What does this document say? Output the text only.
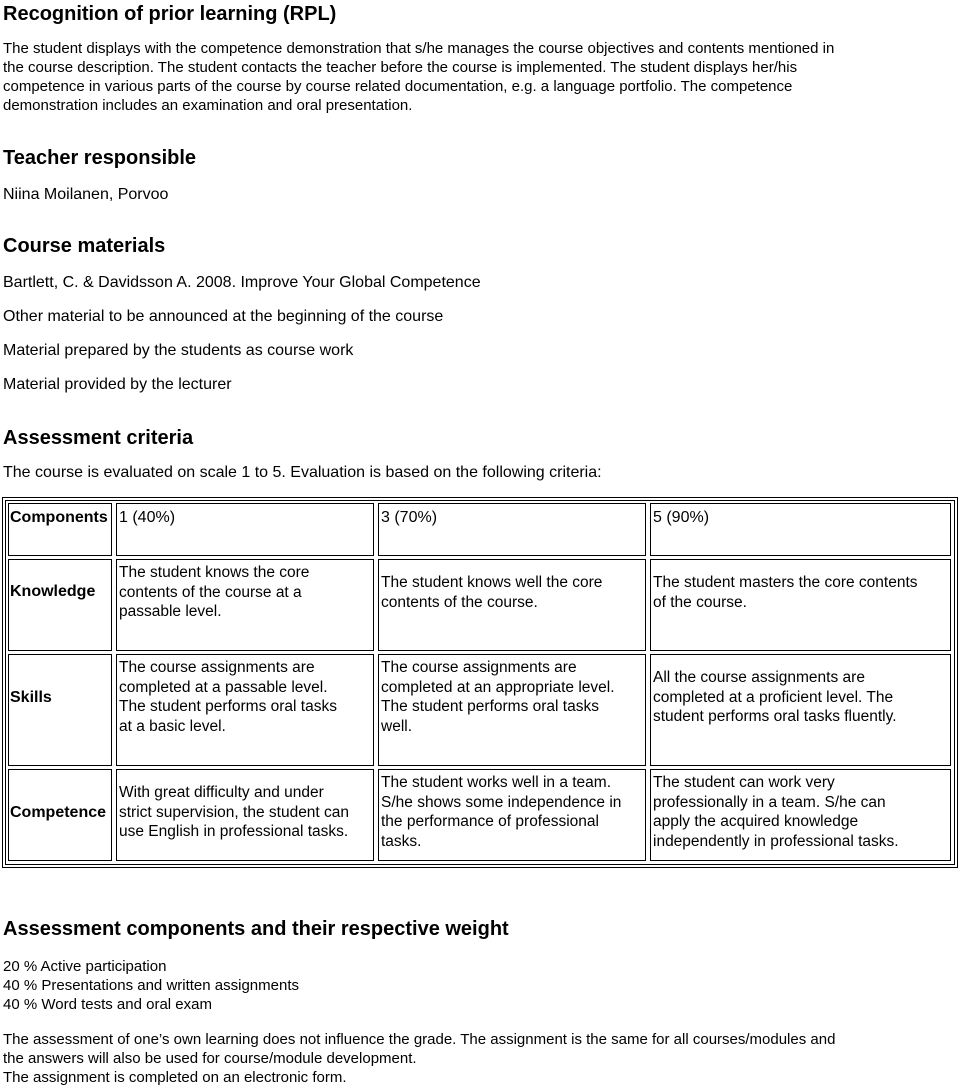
Recognition of prior learning (RPL)
The student displays with the competence demonstration that s/he manages the course objectives and contents mentioned in
the course description. The student contacts the teacher before the course is implemented. The student displays her/his
competence in various parts of the course by course related documentation, e.g. a language portfolio. The competence
demonstration includes an examination and oral presentation.
Teacher responsible
Niina Moilanen, Porvoo
Course materials
Bartlett, C. & Davidsson A. 2008. Improve Your Global Competence
Other material to be announced at the beginning of the course
Material prepared by the students as course work
Material provided by the lecturer
Assessment criteria
The course is evaluated on scale 1 to 5. Evaluation is based on the following criteria:
Components 1 (40%)	3 (70%)	5 (90%)
Knowledge
The student knows the core
contents of the course at a
passable level.
The student knows well the core
contents of the course.
The student masters the core contents
of the course.
Skills
The course assignments are
completed at a passable level.
The student performs oral tasks
at a basic level.
The course assignments are
completed at an appropriate level.
The student performs oral tasks
well.
All the course assignments are
completed at a proficient level. The
student performs oral tasks fluently.
Competence
With great difficulty and under
strict supervision, the student can
use English in professional tasks.
The student works well in a team.
S/he shows some independence in
the performance of professional
tasks.
The student can work very
professionally in a team. S/he can
apply the acquired knowledge
independently in professional tasks.
Assessment components and their respective weight
20 % Active participation
40 % Presentations and written assignments
40 % Word tests and oral exam
The assessment of one’s own learning does not influence the grade. The assignment is the same for all courses/modules and
the answers will also be used for course/module development.
The assignment is completed on an electronic form.
